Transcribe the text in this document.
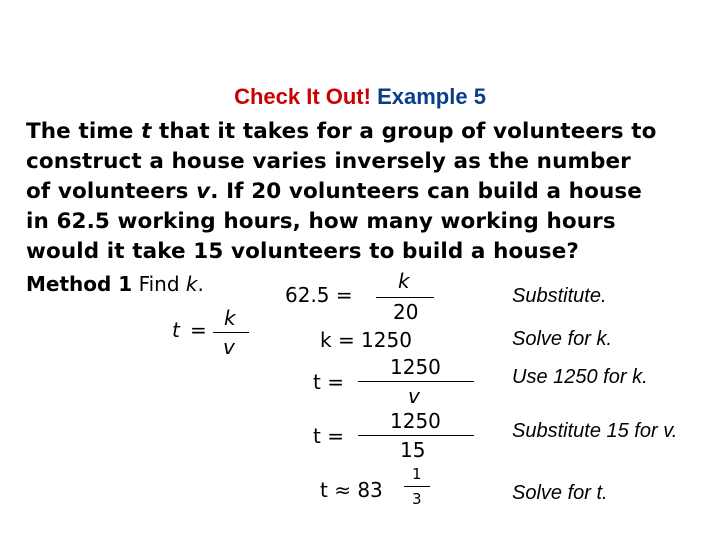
Check It Out! Example 5
The time t that it takes for a group of volunteers to
construct a house varies inversely as the number
of volunteers v. If 20 volunteers can build a house
in 62.5 working hours, how many working hours
would it take 15 volunteers to build a house?
Method 1 Find k.
t = k
v
62.5 =
k
20
Substitute.
k = 1250	Solve for k.
t =
1250
v
Use 1250 for k.
t =
1250
15
Substitute 15 for v.
t ≈ 83
1
3	Solve for t.
